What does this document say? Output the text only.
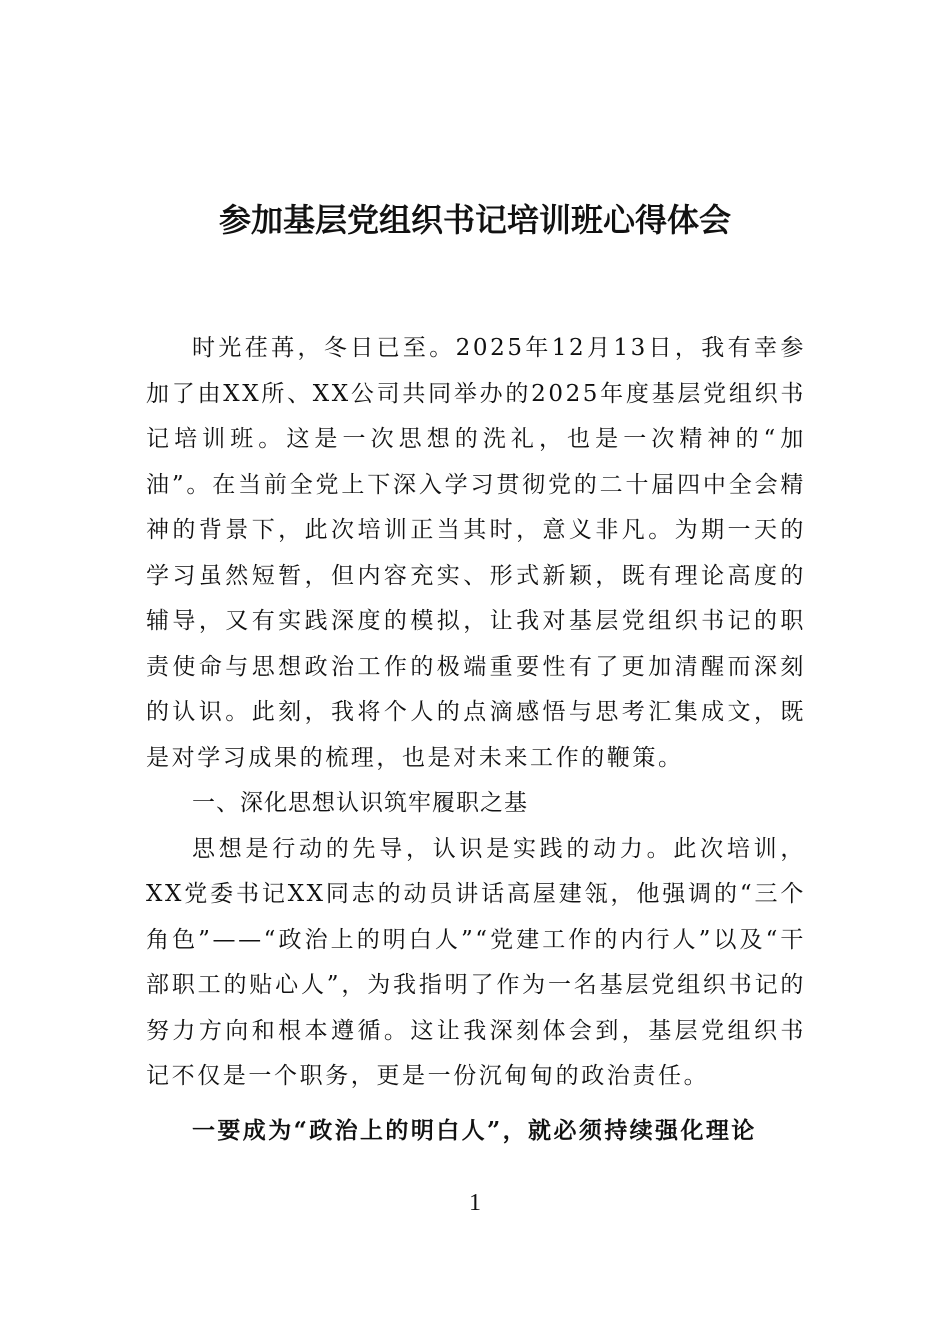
参加基层党组织书记培训班心得体会

时光荏苒，冬日已至。2025年12月13日，我有幸参加了由XX所、XX公司共同举办的2025年度基层党组织书记培训班。这是一次思想的洗礼，也是一次精神的“加油”。在当前全党上下深入学习贯彻党的二十届四中全会精神的背景下，此次培训正当其时，意义非凡。为期一天的学习虽然短暂，但内容充实、形式新颖，既有理论高度的辅导，又有实践深度的模拟，让我对基层党组织书记的职责使命与思想政治工作的极端重要性有了更加清醒而深刻的认识。此刻，我将个人的点滴感悟与思考汇集成文，既是对学习成果的梳理，也是对未来工作的鞭策。

一、深化思想认识筑牢履职之基

思想是行动的先导，认识是实践的动力。此次培训，XX党委书记XX同志的动员讲话高屋建瓴，他强调的“三个角色”——“政治上的明白人”“党建工作的内行人”以及“干部职工的贴心人”，为我指明了作为一名基层党组织书记的努力方向和根本遵循。这让我深刻体会到，基层党组织书记不仅是一个职务，更是一份沉甸甸的政治责任。

一要成为“政治上的明白人”，就必须持续强化理论

1
